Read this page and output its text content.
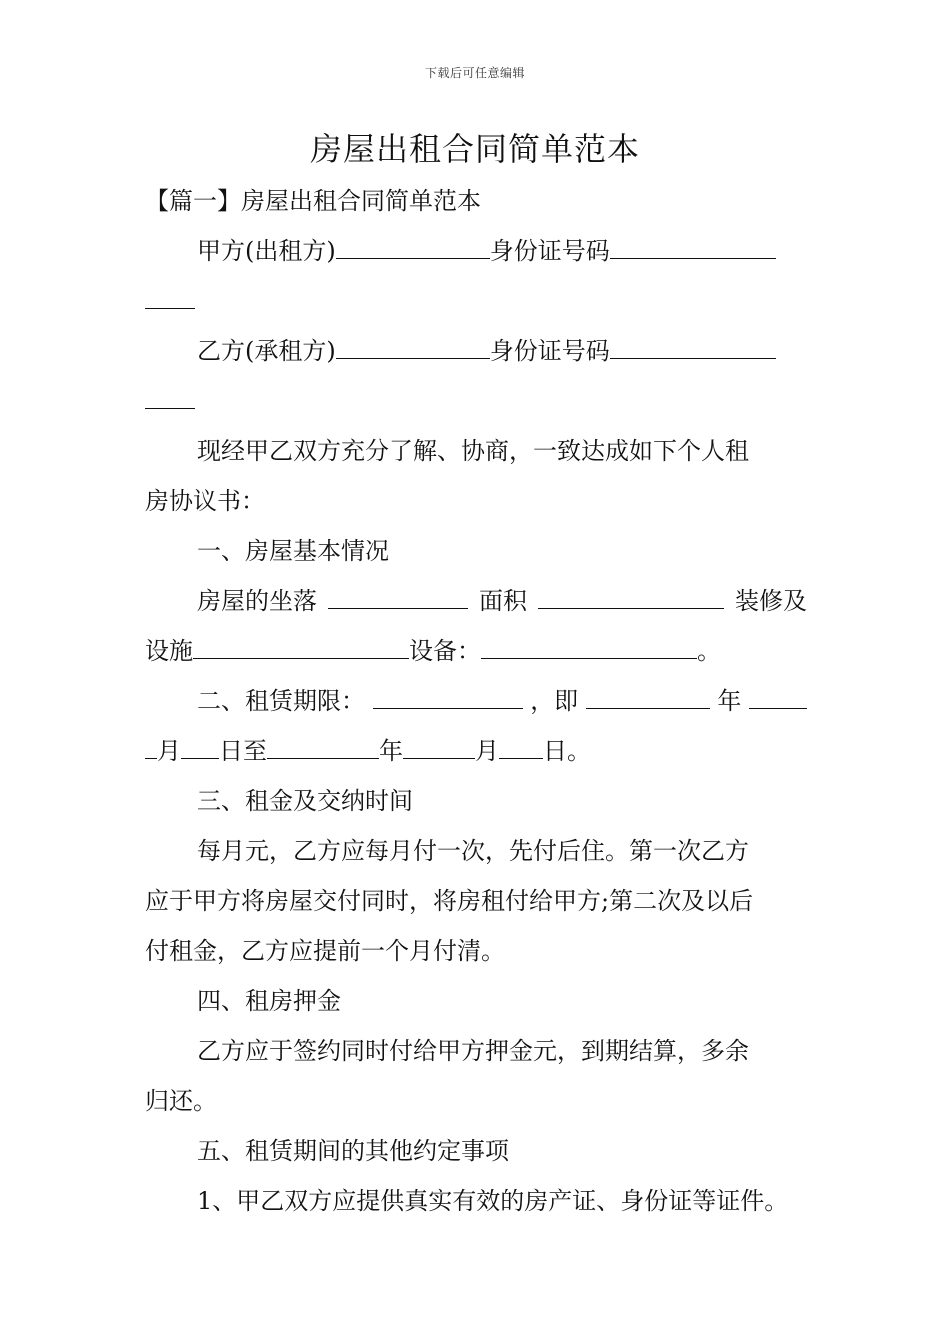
下载后可任意编辑
房屋出租合同简单范本
【篇一】房屋出租合同简单范本
甲方(出租方)	身份证号码
乙方(承租方)	身份证号码
现经甲乙双方充分了解、协商，一致达成如下个人租
房协议书：
一、房屋基本情况
房屋的坐落	面积	装修及
设施	设备：	。
二、租赁期限：	，即	年
月 日至	年	月 日。
三、租金及交纳时间
每月元，乙方应每月付一次，先付后住。第一次乙方
应于甲方将房屋交付同时，将房租付给甲方;第二次及以后
付租金，乙方应提前一个月付清。
四、租房押金
乙方应于签约同时付给甲方押金元，到期结算，多余
归还。
五、租赁期间的其他约定事项
1、甲乙双方应提供真实有效的房产证、身份证等证件。
